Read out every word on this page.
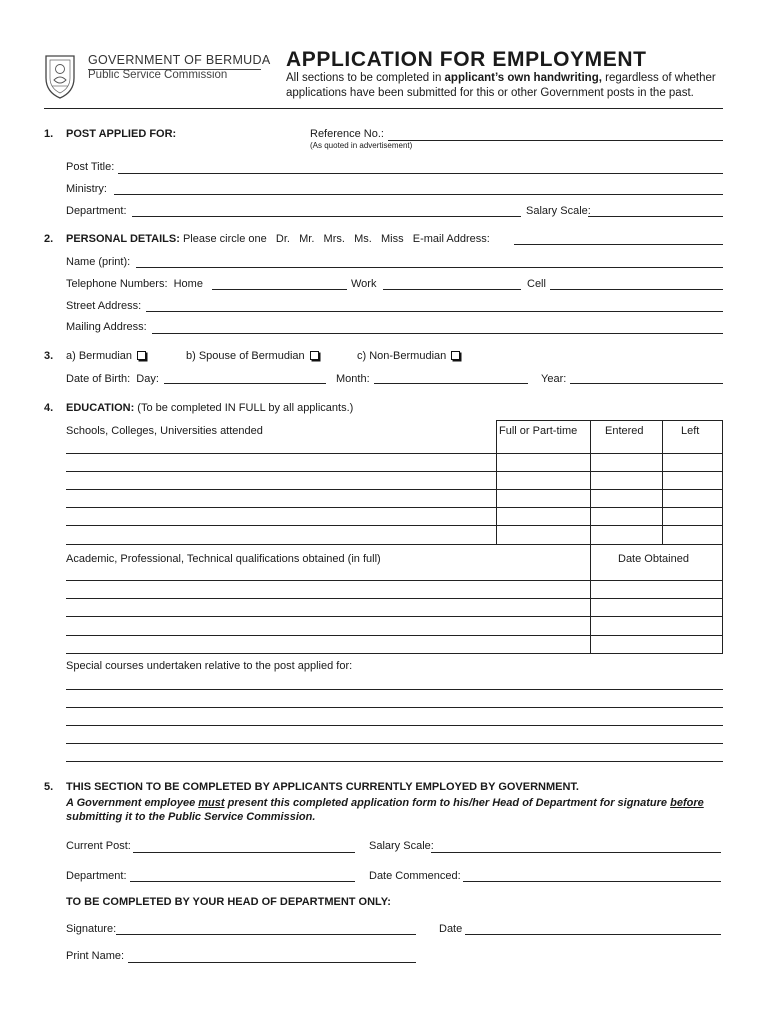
GOVERNMENT OF BERMUDA
Public Service Commission
APPLICATION FOR EMPLOYMENT
All sections to be completed in applicant’s own handwriting, regardless of whether
applications have been submitted for this or other Government posts in the past.
1. POST APPLIED FOR:	Reference No.:
(As quoted in advertisement)
Post Title:
Ministry:
Department:	Salary Scale:
2. PERSONAL DETAILS: Please circle one   Dr.   Mr.   Mrs.   Ms.   Miss   E-mail Address:
Name (print):
Telephone Numbers:  Home	Work	Cell
Street Address:
Mailing Address:
3. a) Bermudian	b) Spouse of Bermudian	c) Non-Bermudian
Date of Birth:  Day:	Month:	Year:
4. EDUCATION: (To be completed IN FULL by all applicants.)
Schools, Colleges, Universities attended	Full or Part-time	Entered	Left
Academic, Professional, Technical qualifications obtained (in full)	Date Obtained
Special courses undertaken relative to the post applied for:
5. THIS SECTION TO BE COMPLETED BY APPLICANTS CURRENTLY EMPLOYED BY GOVERNMENT.
A Government employee must present this completed application form to his/her Head of Department for signature before
submitting it to the Public Service Commission.
Current Post:	Salary Scale:
Department:	Date Commenced:
TO BE COMPLETED BY YOUR HEAD OF DEPARTMENT ONLY:
Signature:	Date
Print Name:
